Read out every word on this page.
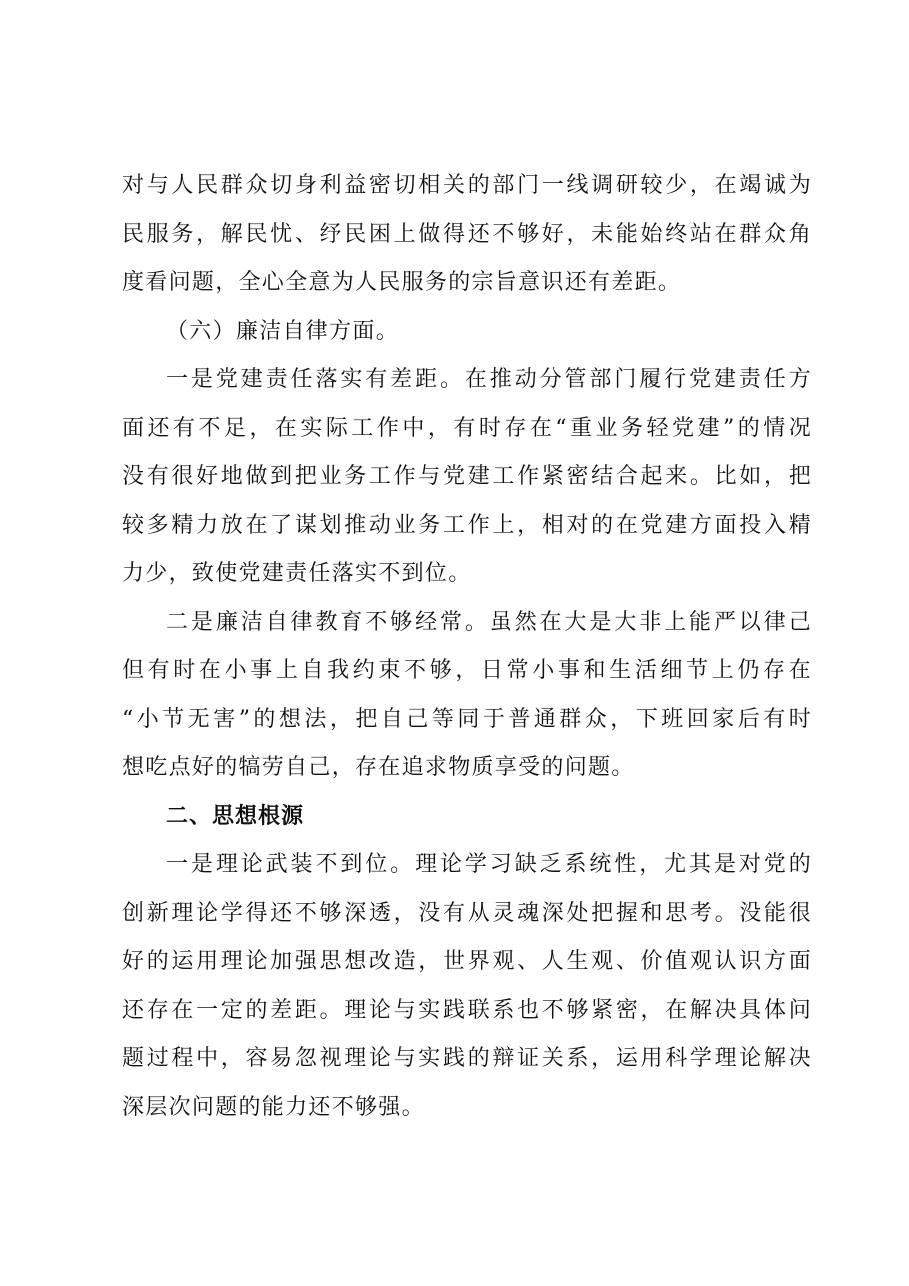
对与人民群众切身利益密切相关的部门一线调研较少，在竭诚为
民服务，解民忧、纾民困上做得还不够好，未能始终站在群众角
度看问题，全心全意为人民服务的宗旨意识还有差距。
（六）廉洁自律方面。
一是党建责任落实有差距。在推动分管部门履行党建责任方
面还有不足，在实际工作中，有时存在“重业务轻党建”的情况
没有很好地做到把业务工作与党建工作紧密结合起来。比如，把
较多精力放在了谋划推动业务工作上，相对的在党建方面投入精
力少，致使党建责任落实不到位。
二是廉洁自律教育不够经常。虽然在大是大非上能严以律己
但有时在小事上自我约束不够，日常小事和生活细节上仍存在
“小节无害”的想法，把自己等同于普通群众，下班回家后有时
想吃点好的犒劳自己，存在追求物质享受的问题。
二、思想根源
一是理论武装不到位。理论学习缺乏系统性，尤其是对党的
创新理论学得还不够深透，没有从灵魂深处把握和思考。没能很
好的运用理论加强思想改造，世界观、人生观、价值观认识方面
还存在一定的差距。理论与实践联系也不够紧密，在解决具体问
题过程中，容易忽视理论与实践的辩证关系，运用科学理论解决
深层次问题的能力还不够强。
